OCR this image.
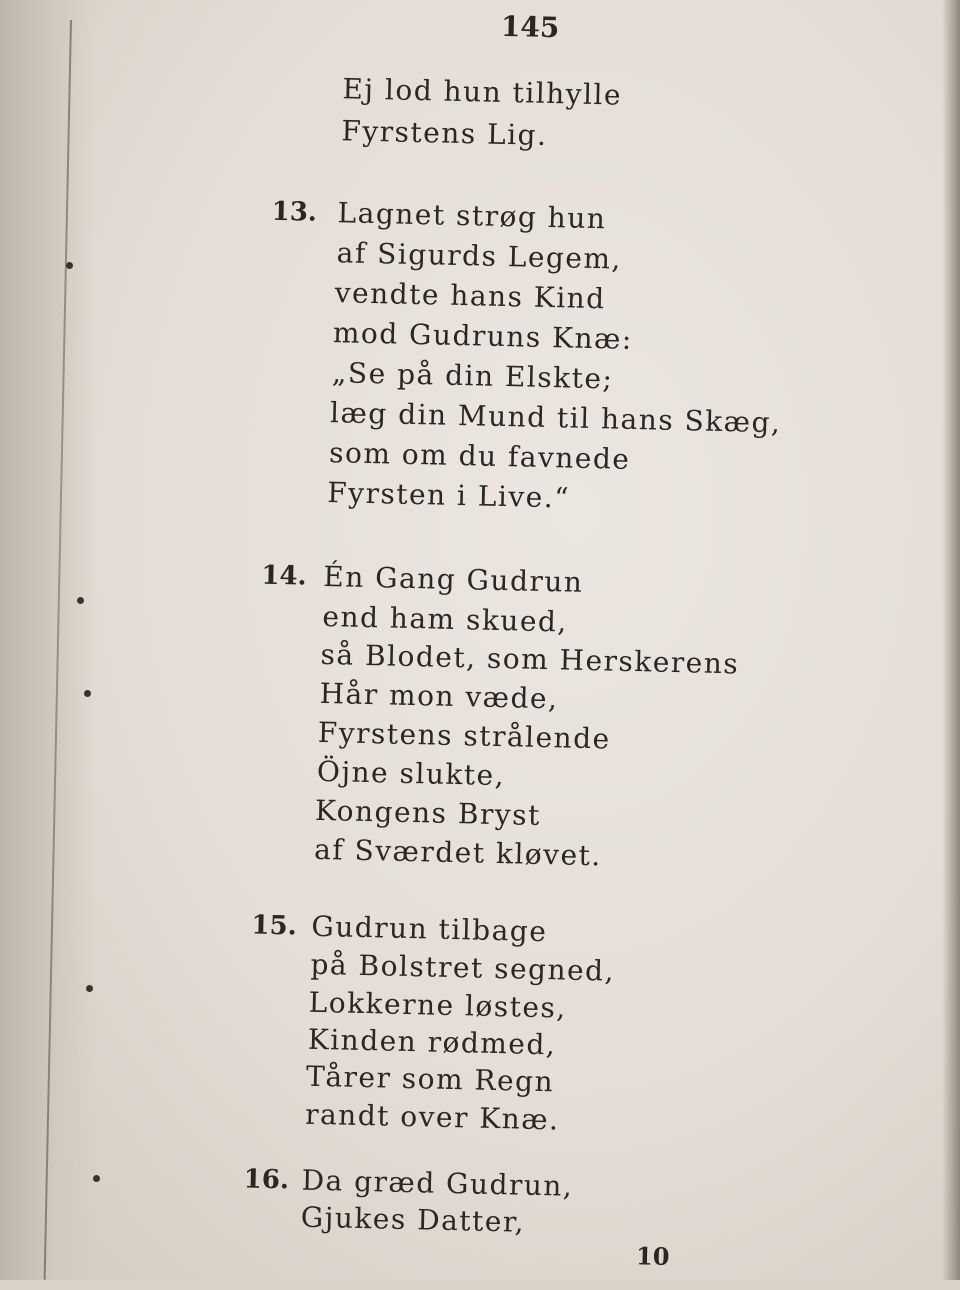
145
Ej lod hun tilhylle
Fyrstens Lig.
13. Lagnet strøg hun
af Sigurds Legem,
vendte hans Kind
mod Gudruns Knæ:
„Se på din Elskte;
læg din Mund til hans Skæg,
som om du favnede
Fyrsten i Live.“
14. Én Gang Gudrun
end ham skued,
så Blodet, som Herskerens
Hår mon væde,
Fyrstens strålende
Öjne slukte,
Kongens Bryst
af Sværdet kløvet.
15. Gudrun tilbage
på Bolstret segned,
Lokkerne løstes,
Kinden rødmed,
Tårer som Regn
randt over Knæ.
16. Da græd Gudrun,
Gjukes Datter,
10
